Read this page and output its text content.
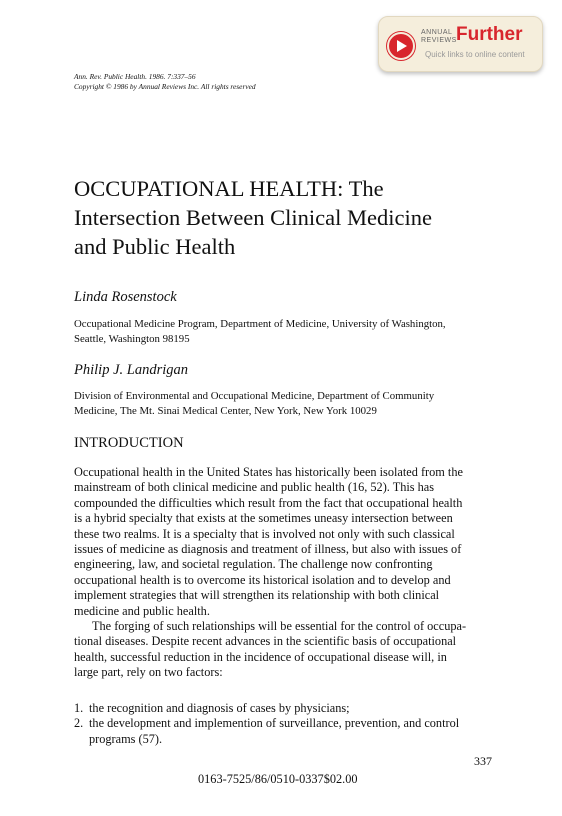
ANNUAL
REVIEWS Further
Quick links to online content
Ann. Rev. Public Health. 1986. 7:337–56
Copyright © 1986 by Annual Reviews Inc. All rights reserved
OCCUPATIONAL HEALTH: The
Intersection Between Clinical Medicine
and Public Health
Linda Rosenstock
Occupational Medicine Program, Department of Medicine, University of Washington,
Seattle, Washington 98195
Philip J. Landrigan
Division of Environmental and Occupational Medicine, Department of Community
Medicine, The Mt. Sinai Medical Center, New York, New York 10029
INTRODUCTION
Occupational health in the United States has historically been isolated from the
mainstream of both clinical medicine and public health (16, 52). This has
compounded the difficulties which result from the fact that occupational health
is a hybrid specialty that exists at the sometimes uneasy intersection between
these two realms. It is a specialty that is involved not only with such classical
issues of medicine as diagnosis and treatment of illness, but also with issues of
engineering, law, and societal regulation. The challenge now confronting
occupational health is to overcome its historical isolation and to develop and
implement strategies that will strengthen its relationship with both clinical
medicine and public health.
The forging of such relationships will be essential for the control of occupa-
tional diseases. Despite recent advances in the scientific basis of occupational
health, successful reduction in the incidence of occupational disease will, in
large part, rely on two factors:
1. the recognition and diagnosis of cases by physicians;
2. the development and implemention of surveillance, prevention, and control
programs (57).
337
0163-7525/86/0510-0337$02.00
